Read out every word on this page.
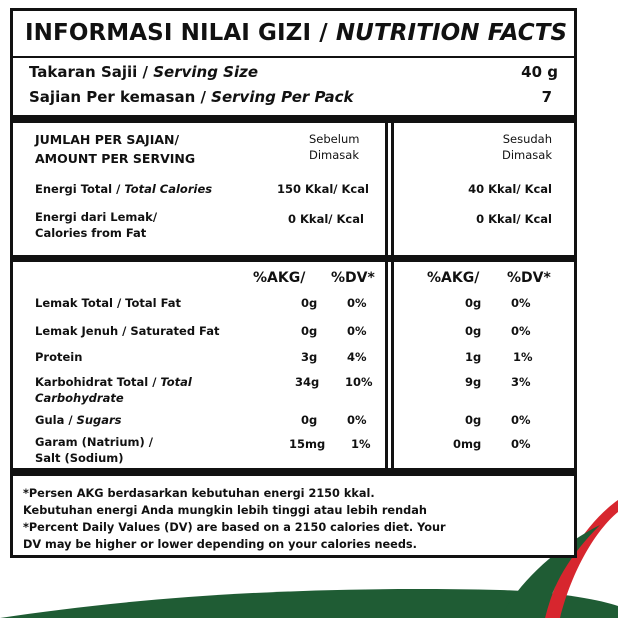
INFORMASI NILAI GIZI / NUTRITION FACTS
Takaran Sajii / Serving Size	40 g
Sajian Per kemasan / Serving Per Pack	7
JUMLAH PER SAJIAN/
AMOUNT PER SERVING
Sebelum
Dimasak
Sesudah
Dimasak
Energi Total / Total Calories	150 Kkal/ Kcal	40 Kkal/ Kcal
Energi dari Lemak/
Calories from Fat
0 Kkal/ Kcal	0 Kkal/ Kcal
%AKG/ %DV*	%AKG/ %DV*
Lemak Total / Total Fat	0g	0%	0g	0%
Lemak Jenuh / Saturated Fat	0g	0%	0g	0%
Protein	3g	4%	1g	1%
Karbohidrat Total / Total
Carbohydrate
34g 10%	9g	3%
Gula / Sugars	0g	0%	0g	0%
Garam (Natrium) /
Salt (Sodium)
15mg 1%	0mg	0%
*Persen AKG berdasarkan kebutuhan energi 2150 kkal.
Kebutuhan energi Anda mungkin lebih tinggi atau lebih rendah
*Percent Daily Values (DV) are based on a 2150 calories diet. Your
DV may be higher or lower depending on your calories needs.
